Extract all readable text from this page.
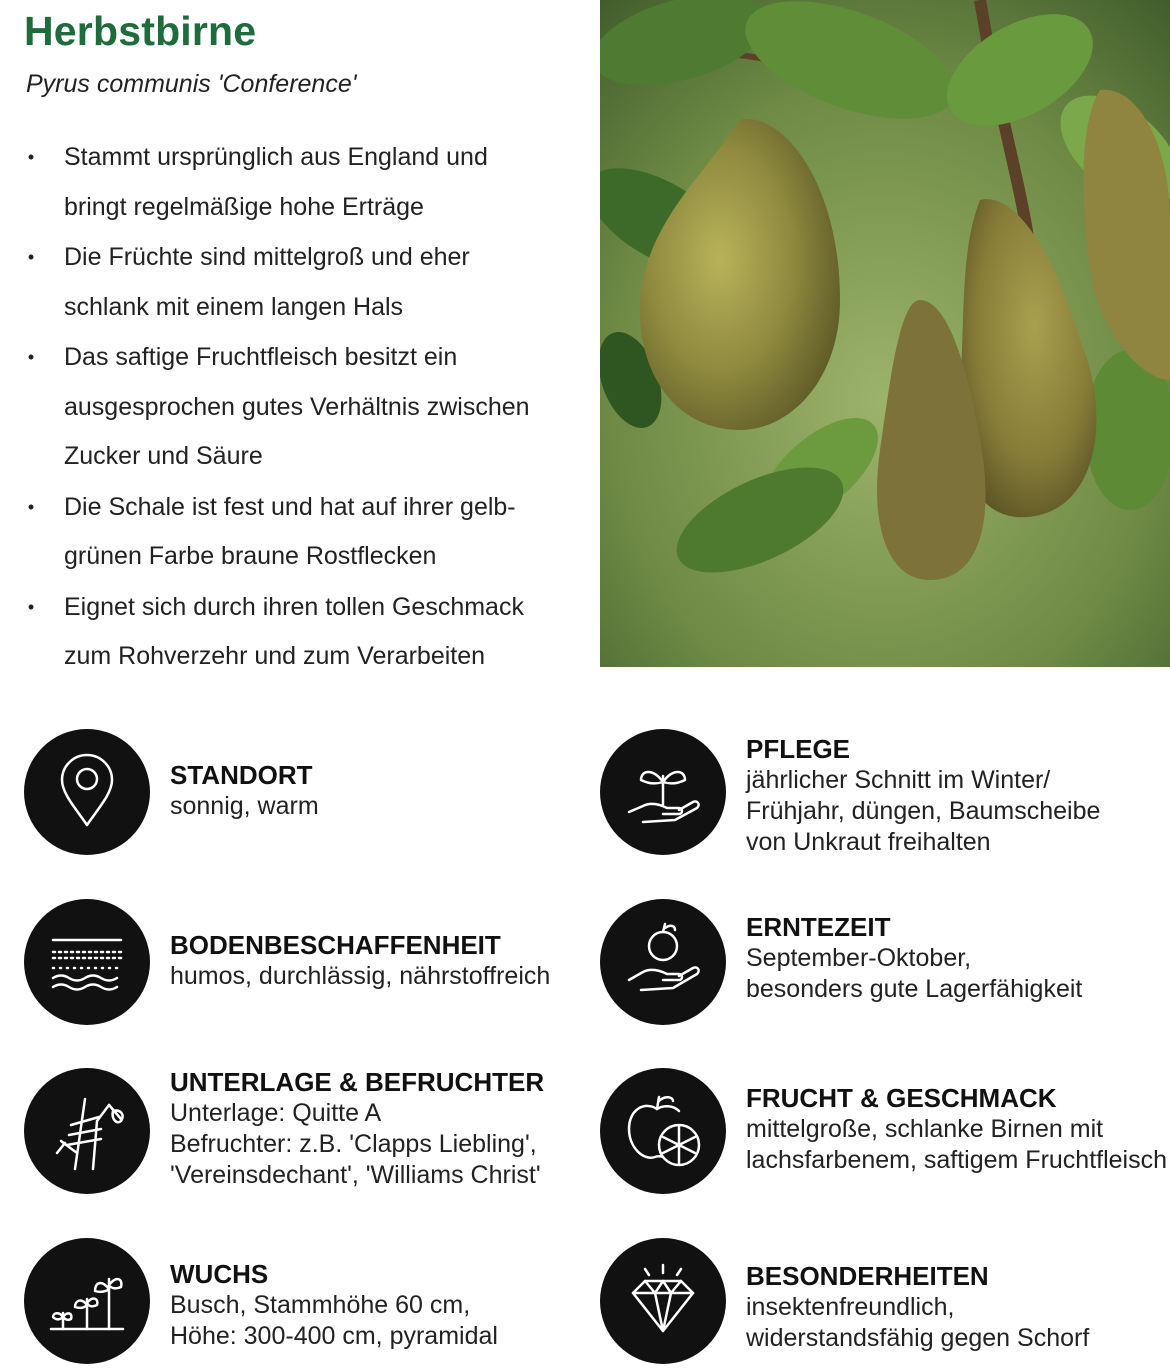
Herbstbirne

Pyrus communis 'Conference'

• Stammt ursprünglich aus England und
bringt regelmäßige hohe Erträge
• Die Früchte sind mittelgroß und eher
schlank mit einem langen Hals
• Das saftige Fruchtfleisch besitzt ein
ausgesprochen gutes Verhältnis zwischen
Zucker und Säure
• Die Schale ist fest und hat auf ihrer gelb-
grünen Farbe braune Rostflecken
• Eignet sich durch ihren tollen Geschmack
zum Rohverzehr und zum Verarbeiten
STANDORT
sonnig, warm
BODENBESCHAFFENHEIT
humos, durchlässig, nährstoffreich
UNTERLAGE & BEFRUCHTER
Unterlage: Quitte A
Befruchter: z.B. 'Clapps Liebling',
'Vereinsdechant', 'Williams Christ'
WUCHS
Busch, Stammhöhe 60 cm,
Höhe: 300-400 cm, pyramidal
PFLEGE
jährlicher Schnitt im Winter/
Frühjahr, düngen, Baumscheibe
von Unkraut freihalten
ERNTEZEIT
September-Oktober,
besonders gute Lagerfähigkeit
FRUCHT & GESCHMACK
mittelgroße, schlanke Birnen mit
lachsfarbenem, saftigem Fruchtfleisch
BESONDERHEITEN
insektenfreundlich,
widerstandsfähig gegen Schorf
